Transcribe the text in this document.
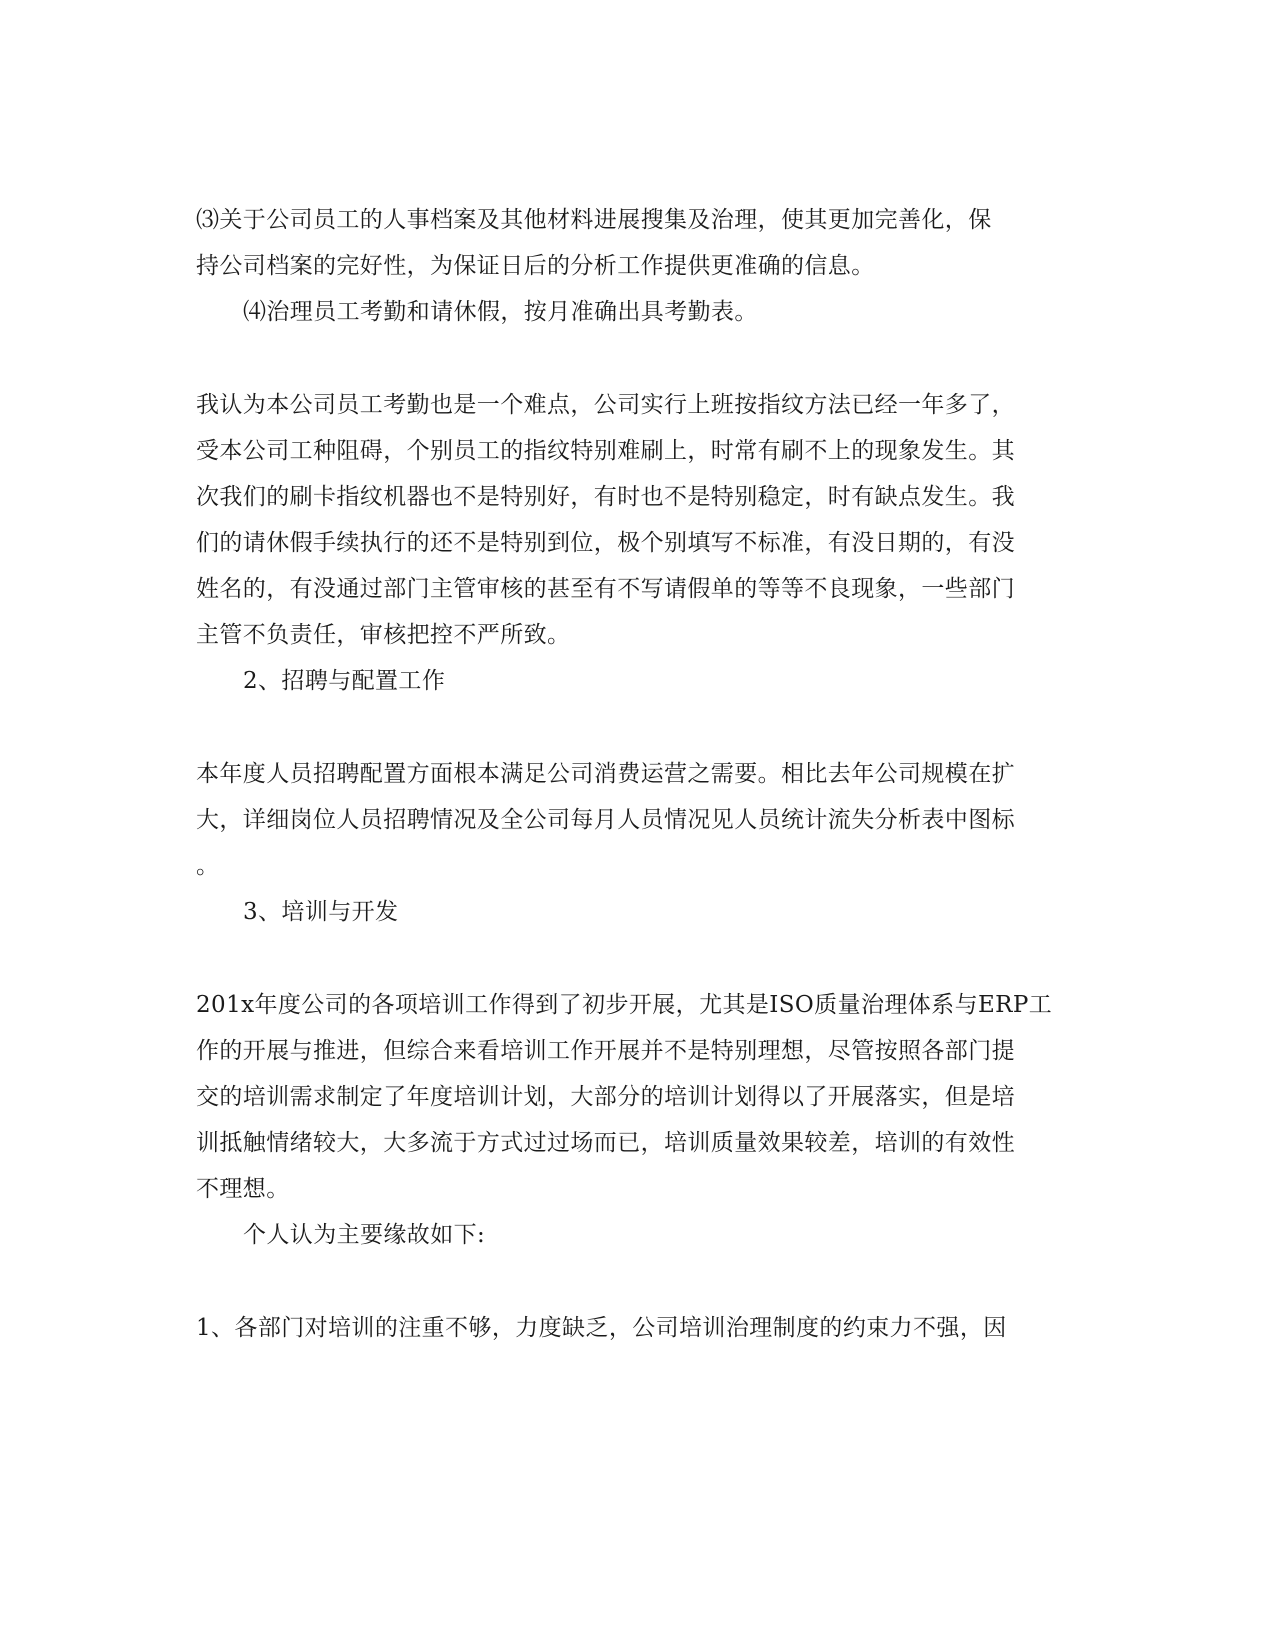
⑶关于公司员工的人事档案及其他材料进展搜集及治理，使其更加完善化，保
持公司档案的完好性，为保证日后的分析工作提供更准确的信息。
⑷治理员工考勤和请休假，按月准确出具考勤表。
我认为本公司员工考勤也是一个难点，公司实行上班按指纹方法已经一年多了，
受本公司工种阻碍，个别员工的指纹特别难刷上，时常有刷不上的现象发生。其
次我们的刷卡指纹机器也不是特别好，有时也不是特别稳定，时有缺点发生。我
们的请休假手续执行的还不是特别到位，极个别填写不标准，有没日期的，有没
姓名的，有没通过部门主管审核的甚至有不写请假单的等等不良现象，一些部门
主管不负责任，审核把控不严所致。
2、招聘与配置工作
本年度人员招聘配置方面根本满足公司消费运营之需要。相比去年公司规模在扩
大，详细岗位人员招聘情况及全公司每月人员情况见人员统计流失分析表中图标
。
3、培训与开发
201x年度公司的各项培训工作得到了初步开展，尤其是ISO质量治理体系与ERP工
作的开展与推进，但综合来看培训工作开展并不是特别理想，尽管按照各部门提
交的培训需求制定了年度培训计划，大部分的培训计划得以了开展落实，但是培
训抵触情绪较大，大多流于方式过过场而已，培训质量效果较差，培训的有效性
不理想。
个人认为主要缘故如下:
1、各部门对培训的注重不够，力度缺乏，公司培训治理制度的约束力不强，因
